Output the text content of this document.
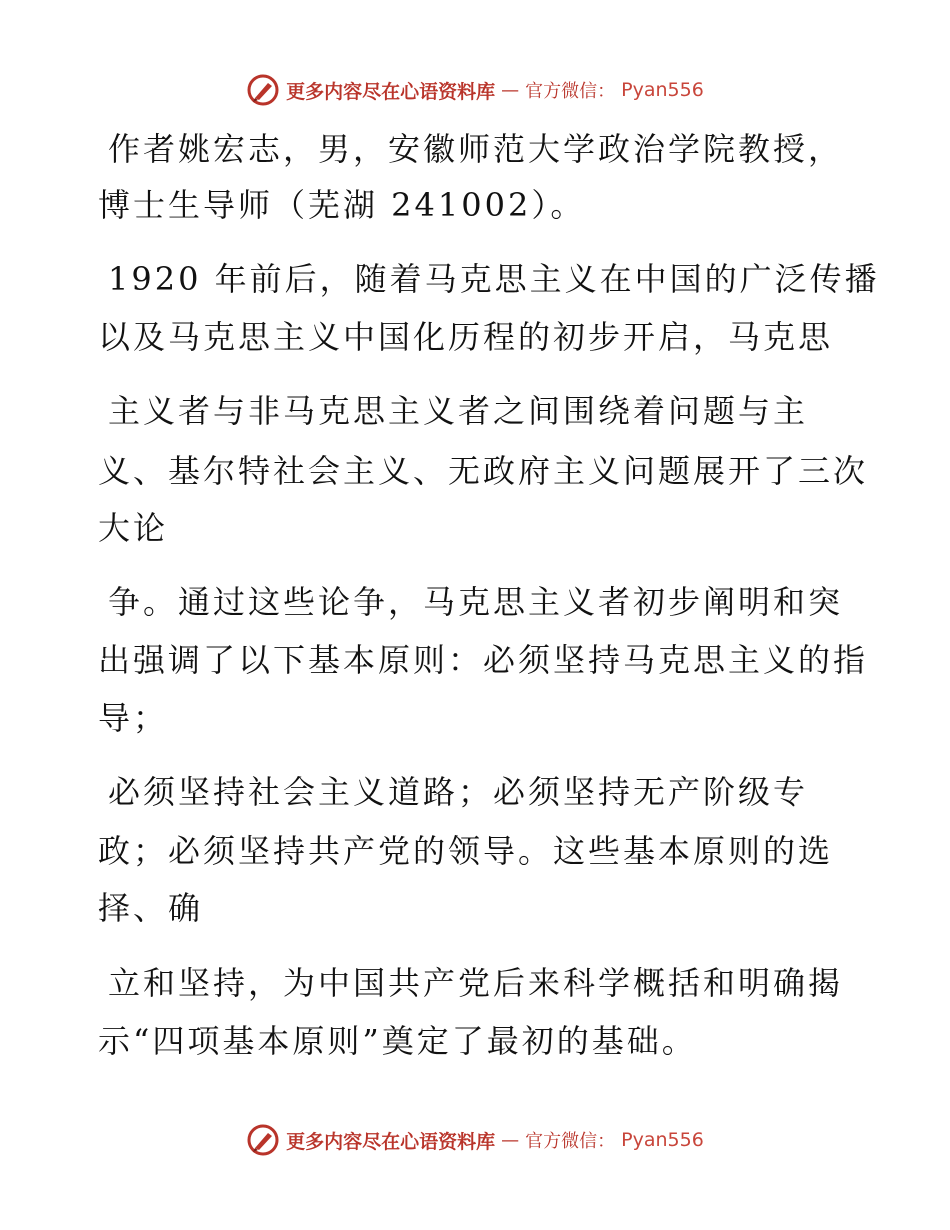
更多内容尽在心语资料库 — 官方微信： Pyan556
作者姚宏志，男，安徽师范大学政治学院教授，
博士生导师（芜湖 241002）。
1920 年前后，随着马克思主义在中国的广泛传播
以及马克思主义中国化历程的初步开启，马克思
主义者与非马克思主义者之间围绕着问题与主
义、基尔特社会主义、无政府主义问题展开了三次
大论
争。通过这些论争，马克思主义者初步阐明和突
出强调了以下基本原则：必须坚持马克思主义的指
导；
必须坚持社会主义道路；必须坚持无产阶级专
政；必须坚持共产党的领导。这些基本原则的选
择、确
立和坚持，为中国共产党后来科学概括和明确揭
示“四项基本原则”奠定了最初的基础。
更多内容尽在心语资料库 — 官方微信： Pyan556
